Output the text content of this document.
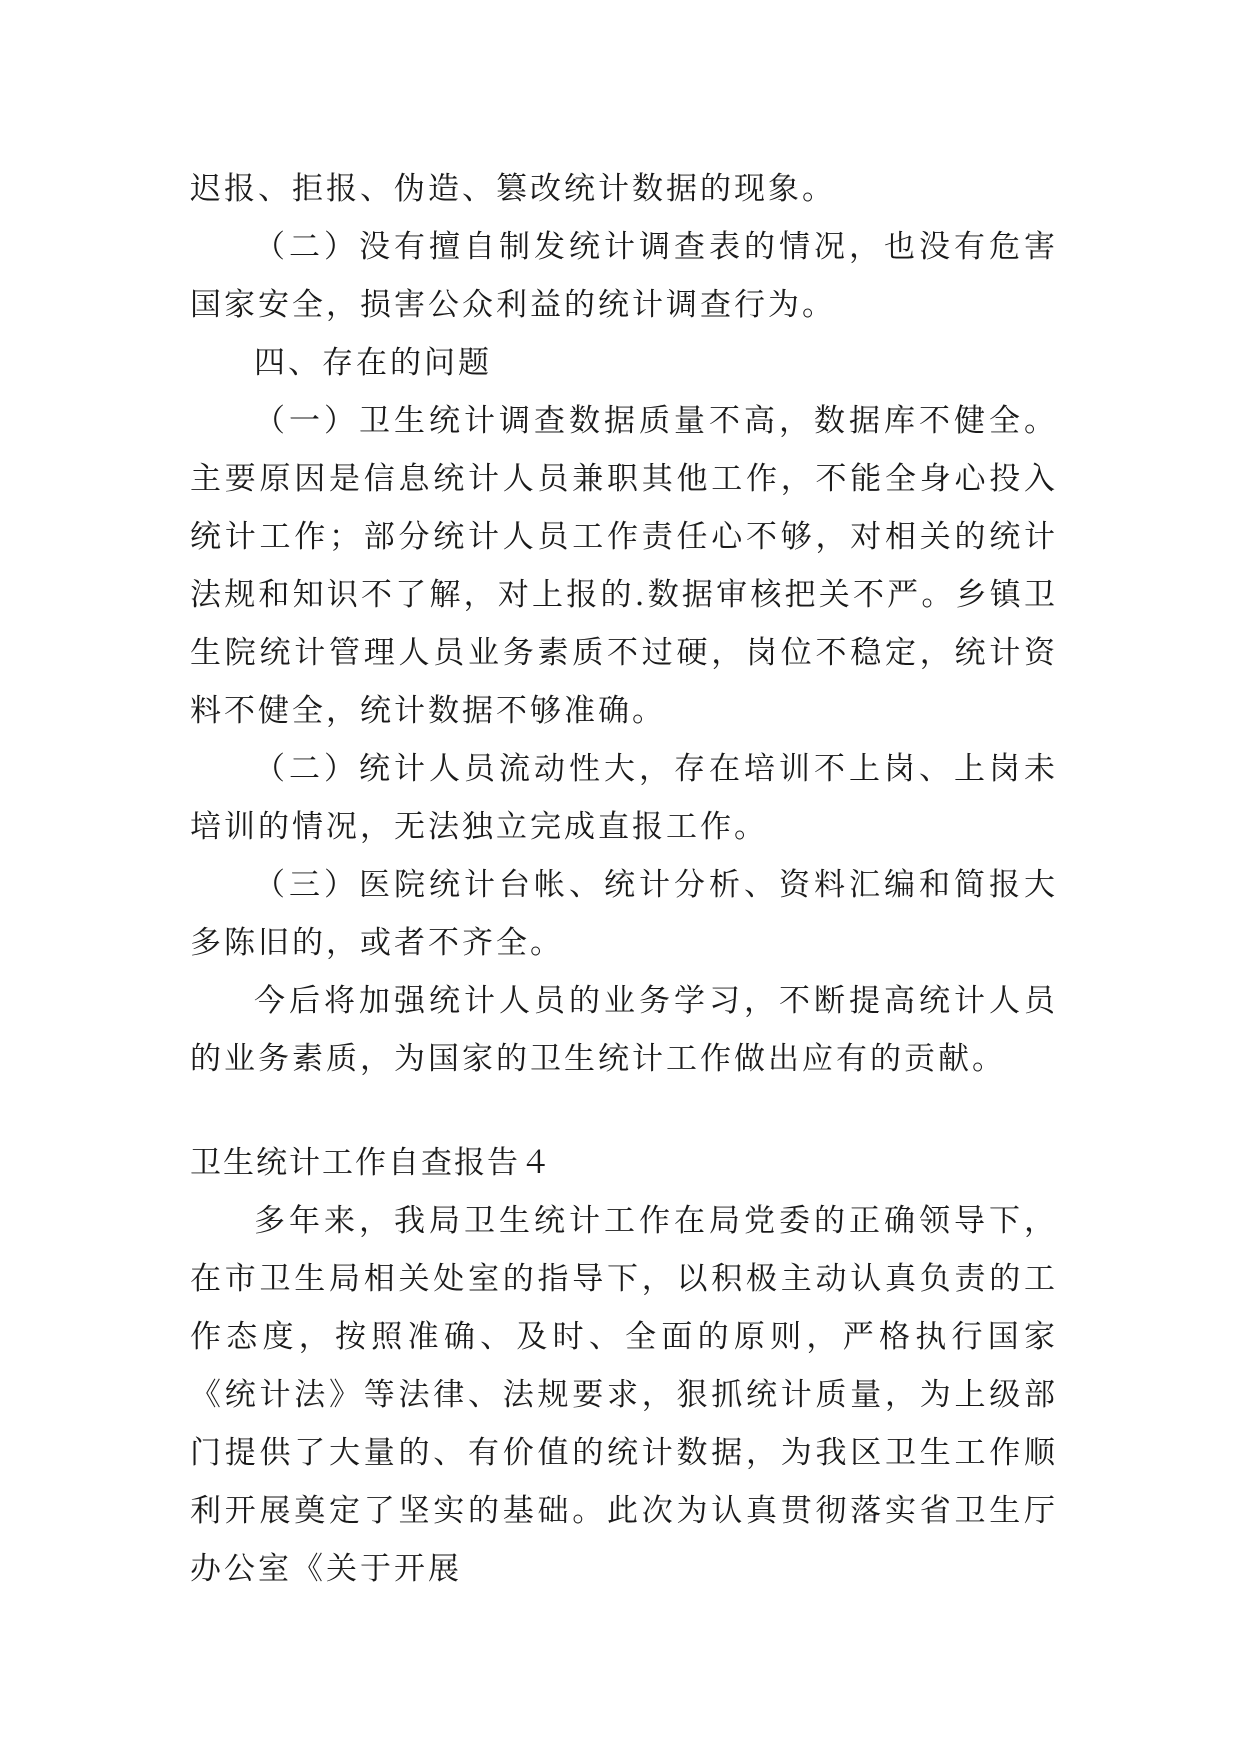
迟报、拒报、伪造、篡改统计数据的现象。

（二）没有擅自制发统计调查表的情况，也没有危害国家安全，损害公众利益的统计调查行为。

四、存在的问题

（一）卫生统计调查数据质量不高，数据库不健全。主要原因是信息统计人员兼职其他工作，不能全身心投入统计工作；部分统计人员工作责任心不够，对相关的统计法规和知识不了解，对上报的.数据审核把关不严。乡镇卫生院统计管理人员业务素质不过硬，岗位不稳定，统计资料不健全，统计数据不够准确。

（二）统计人员流动性大，存在培训不上岗、上岗未培训的情况，无法独立完成直报工作。

（三）医院统计台帐、统计分析、资料汇编和简报大多陈旧的，或者不齐全。

今后将加强统计人员的业务学习，不断提高统计人员的业务素质，为国家的卫生统计工作做出应有的贡献。

卫生统计工作自查报告４

多年来，我局卫生统计工作在局党委的正确领导下，在市卫生局相关处室的指导下，以积极主动认真负责的工作态度，按照准确、及时、全面的原则，严格执行国家《统计法》等法律、法规要求，狠抓统计质量，为上级部门提供了大量的、有价值的统计数据，为我区卫生工作顺利开展奠定了坚实的基础。此次为认真贯彻落实省卫生厅办公室《关于开展
